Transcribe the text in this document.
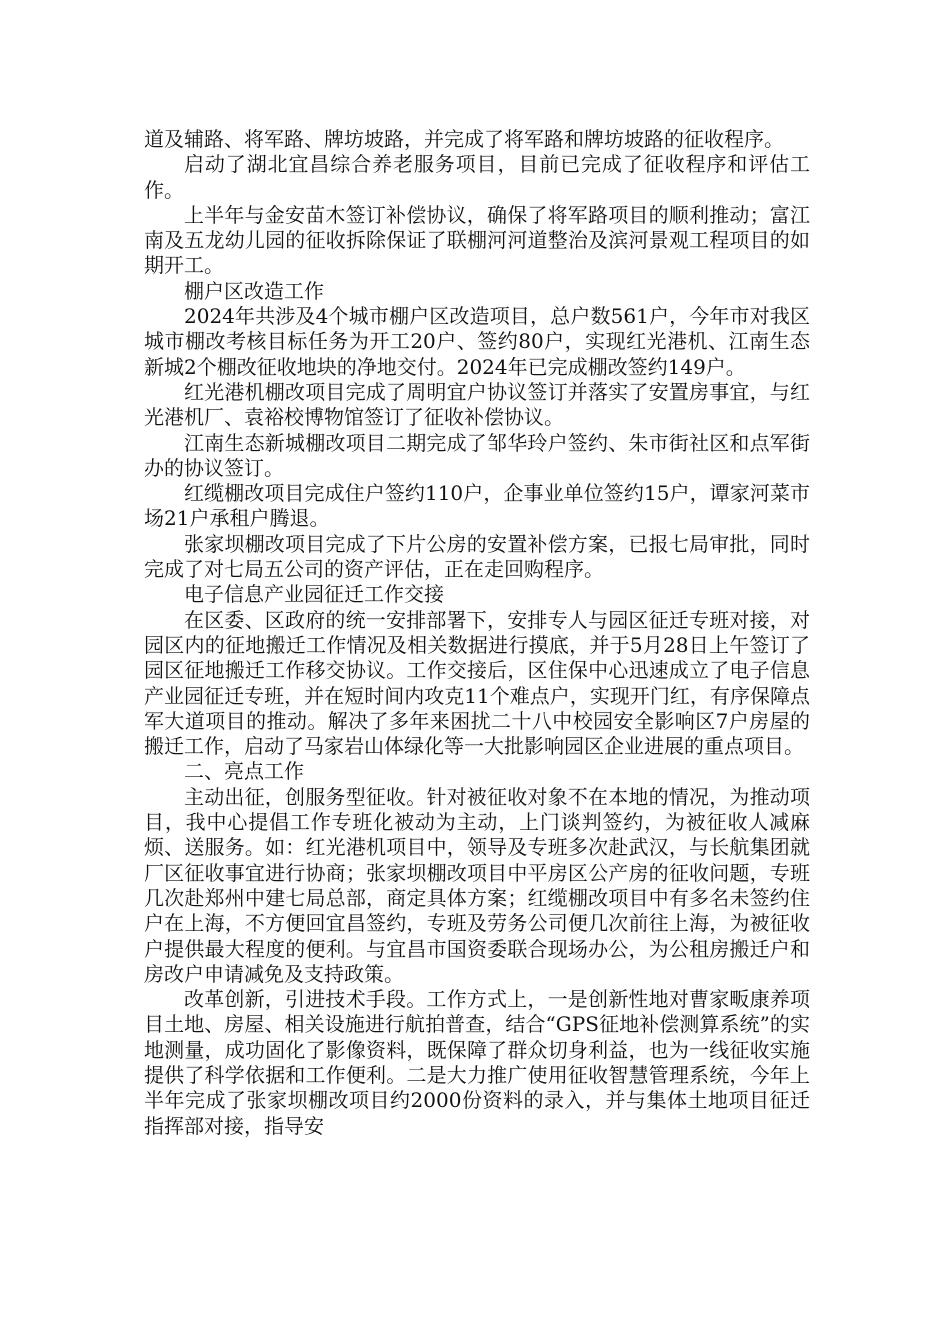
道及辅路、将军路、牌坊坡路，并完成了将军路和牌坊坡路的征收程序。

启动了湖北宜昌综合养老服务项目，目前已完成了征收程序和评估工作。

上半年与金安苗木签订补偿协议，确保了将军路项目的顺利推动；富江南及五龙幼儿园的征收拆除保证了联棚河河道整治及滨河景观工程项目的如期开工。

棚户区改造工作

2024年共涉及4个城市棚户区改造项目，总户数561户，今年市对我区城市棚改考核目标任务为开工20户、签约80户，实现红光港机、江南生态新城2个棚改征收地块的净地交付。2024年已完成棚改签约149户。

红光港机棚改项目完成了周明宜户协议签订并落实了安置房事宜，与红光港机厂、袁裕校博物馆签订了征收补偿协议。

江南生态新城棚改项目二期完成了邹华玲户签约、朱市街社区和点军街办的协议签订。

红缆棚改项目完成住户签约110户，企事业单位签约15户，谭家河菜市场21户承租户腾退。

张家坝棚改项目完成了下片公房的安置补偿方案，已报七局审批，同时完成了对七局五公司的资产评估，正在走回购程序。

电子信息产业园征迁工作交接

在区委、区政府的统一安排部署下，安排专人与园区征迁专班对接，对园区内的征地搬迁工作情况及相关数据进行摸底，并于5月28日上午签订了园区征地搬迁工作移交协议。工作交接后，区住保中心迅速成立了电子信息产业园征迁专班，并在短时间内攻克11个难点户，实现开门红，有序保障点军大道项目的推动。解决了多年来困扰二十八中校园安全影响区7户房屋的搬迁工作，启动了马家岩山体绿化等一大批影响园区企业进展的重点项目。

二、亮点工作

主动出征，创服务型征收。针对被征收对象不在本地的情况，为推动项目，我中心提倡工作专班化被动为主动，上门谈判签约，为被征收人减麻烦、送服务。如：红光港机项目中，领导及专班多次赴武汉，与长航集团就厂区征收事宜进行协商；张家坝棚改项目中平房区公产房的征收问题，专班几次赴郑州中建七局总部，商定具体方案；红缆棚改项目中有多名未签约住户在上海，不方便回宜昌签约，专班及劳务公司便几次前往上海，为被征收户提供最大程度的便利。与宜昌市国资委联合现场办公，为公租房搬迁户和房改户申请减免及支持政策。

改革创新，引进技术手段。工作方式上，一是创新性地对曹家畈康养项目土地、房屋、相关设施进行航拍普查，结合“GPS征地补偿测算系统”的实地测量，成功固化了影像资料，既保障了群众切身利益，也为一线征收实施提供了科学依据和工作便利。二是大力推广使用征收智慧管理系统，今年上半年完成了张家坝棚改项目约2000份资料的录入，并与集体土地项目征迁指挥部对接，指导安
